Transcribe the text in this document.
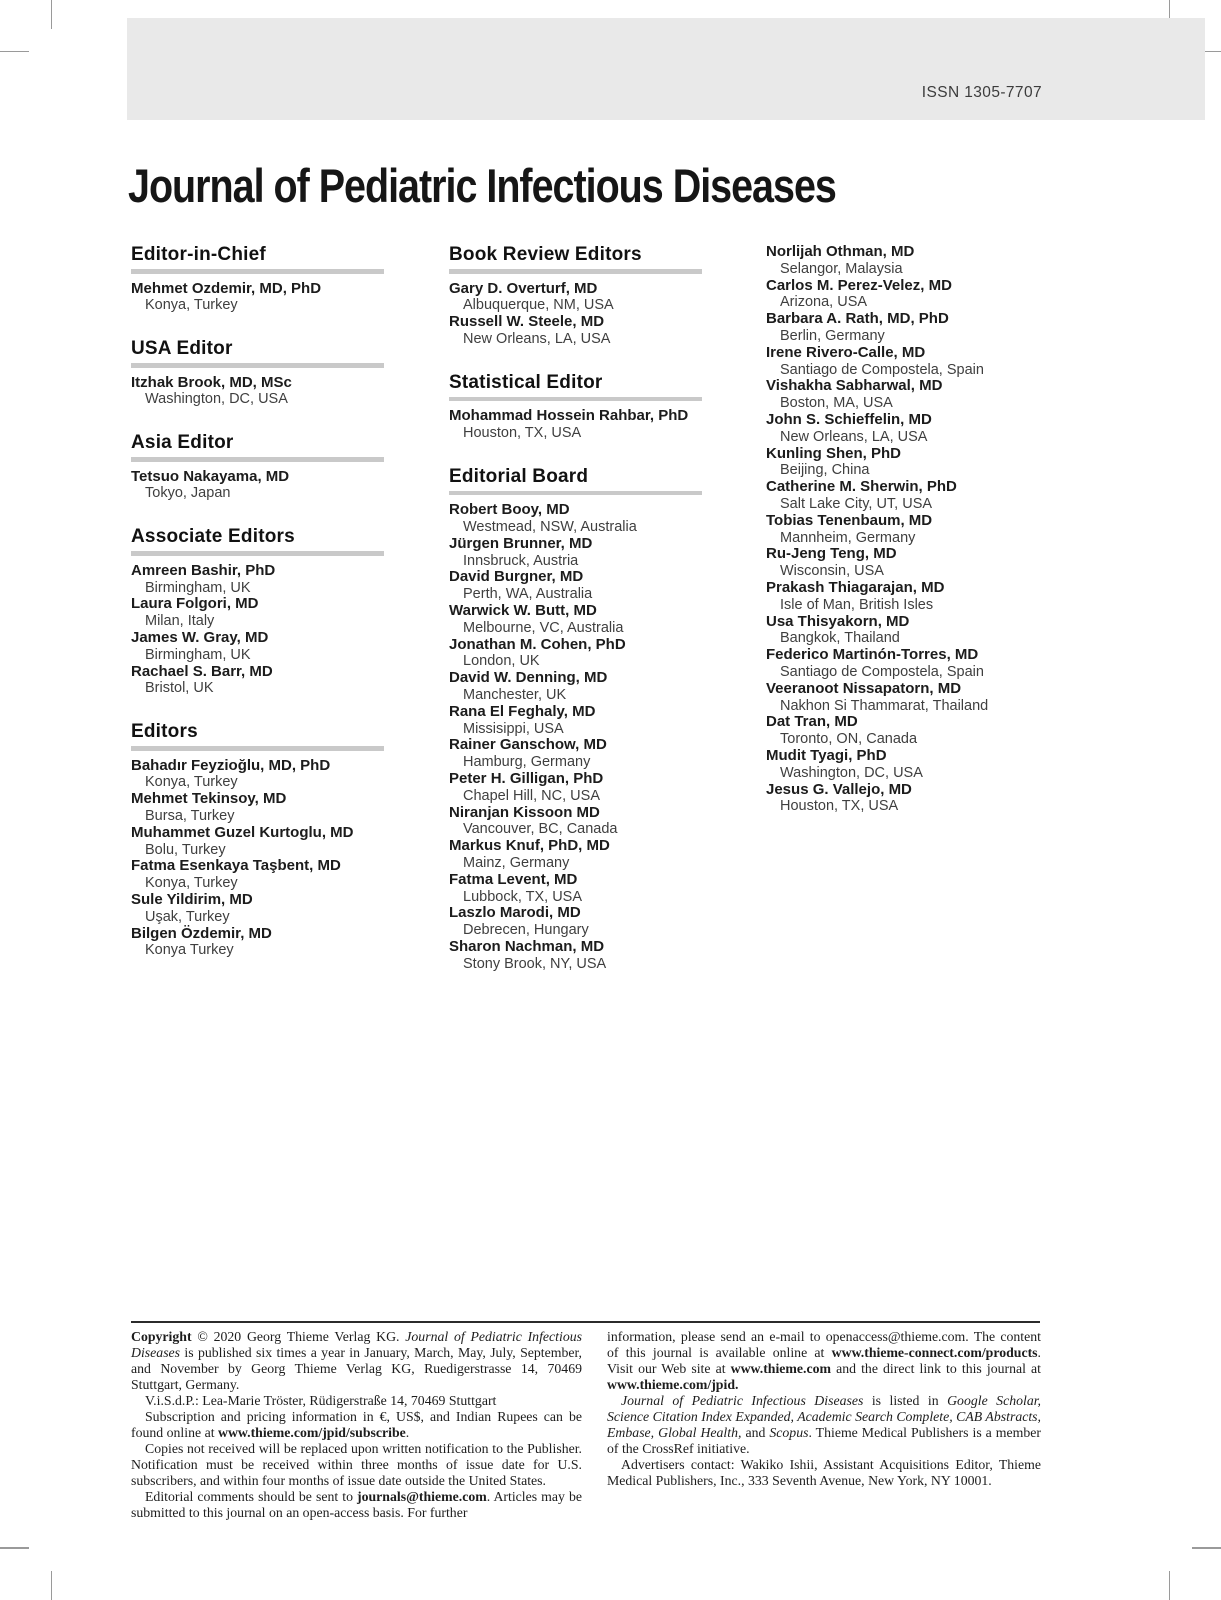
ISSN 1305-7707
Journal of Pediatric Infectious Diseases
Editor-in-Chief
Mehmet Ozdemir, MD, PhD
Konya, Turkey
USA Editor
Itzhak Brook, MD, MSc
Washington, DC, USA
Asia Editor
Tetsuo Nakayama, MD
Tokyo, Japan
Associate Editors
Amreen Bashir, PhD
Birmingham, UK
Laura Folgori, MD
Milan, Italy
James W. Gray, MD
Birmingham, UK
Rachael S. Barr, MD
Bristol, UK
Editors
Bahadır Feyzioğlu, MD, PhD
Konya, Turkey
Mehmet Tekinsoy, MD
Bursa, Turkey
Muhammet Guzel Kurtoglu, MD
Bolu, Turkey
Fatma Esenkaya Taşbent, MD
Konya, Turkey
Sule Yildirim, MD
Uşak, Turkey
Bilgen Özdemir, MD
Konya Turkey
Book Review Editors
Gary D. Overturf, MD
Albuquerque, NM, USA
Russell W. Steele, MD
New Orleans, LA, USA
Statistical Editor
Mohammad Hossein Rahbar, PhD
Houston, TX, USA
Editorial Board
Robert Booy, MD
Westmead, NSW, Australia
Jürgen Brunner, MD
Innsbruck, Austria
David Burgner, MD
Perth, WA, Australia
Warwick W. Butt, MD
Melbourne, VC, Australia
Jonathan M. Cohen, PhD
London, UK
David W. Denning, MD
Manchester, UK
Rana El Feghaly, MD
Missisippi, USA
Rainer Ganschow, MD
Hamburg, Germany
Peter H. Gilligan, PhD
Chapel Hill, NC, USA
Niranjan Kissoon MD
Vancouver, BC, Canada
Markus Knuf, PhD, MD
Mainz, Germany
Fatma Levent, MD
Lubbock, TX, USA
Laszlo Marodi, MD
Debrecen, Hungary
Sharon Nachman, MD
Stony Brook, NY, USA
Norlijah Othman, MD
Selangor, Malaysia
Carlos M. Perez-Velez, MD
Arizona, USA
Barbara A. Rath, MD, PhD
Berlin, Germany
Irene Rivero-Calle, MD
Santiago de Compostela, Spain
Vishakha Sabharwal, MD
Boston, MA, USA
John S. Schieffelin, MD
New Orleans, LA, USA
Kunling Shen, PhD
Beijing, China
Catherine M. Sherwin, PhD
Salt Lake City, UT, USA
Tobias Tenenbaum, MD
Mannheim, Germany
Ru-Jeng Teng, MD
Wisconsin, USA
Prakash Thiagarajan, MD
Isle of Man, British Isles
Usa Thisyakorn, MD
Bangkok, Thailand
Federico Martinón-Torres, MD
Santiago de Compostela, Spain
Veeranoot Nissapatorn, MD
Nakhon Si Thammarat, Thailand
Dat Tran, MD
Toronto, ON, Canada
Mudit Tyagi, PhD
Washington, DC, USA
Jesus G. Vallejo, MD
Houston, TX, USA

Copyright © 2020 Georg Thieme Verlag KG. Journal of Pediatric Infectious Diseases is published six times a year in January, March, May, July, September, and November by Georg Thieme Verlag KG, Ruedigerstrasse 14, 70469 Stuttgart, Germany.

V.i.S.d.P.: Lea-Marie Tröster, Rüdigerstraße 14, 70469 Stuttgart

Subscription and pricing information in €, US$, and Indian Rupees can be found online at www.thieme.com/jpid/subscribe.

Copies not received will be replaced upon written notification to the Publisher. Notification must be received within three months of issue date for U.S. subscribers, and within four months of issue date outside the United States.

Editorial comments should be sent to journals@thieme.com. Articles may be submitted to this journal on an open-access basis. For further

information, please send an e-mail to openaccess@thieme.com. The content of this journal is available online at www.thieme-connect.com/products. Visit our Web site at www.thieme.com and the direct link to this journal at www.thieme.com/jpid.

Journal of Pediatric Infectious Diseases is listed in Google Scholar, Science Citation Index Expanded, Academic Search Complete, CAB Abstracts, Embase, Global Health, and Scopus. Thieme Medical Publishers is a member of the CrossRef initiative.

Advertisers contact: Wakiko Ishii, Assistant Acquisitions Editor, Thieme Medical Publishers, Inc., 333 Seventh Avenue, New York, NY 10001.
